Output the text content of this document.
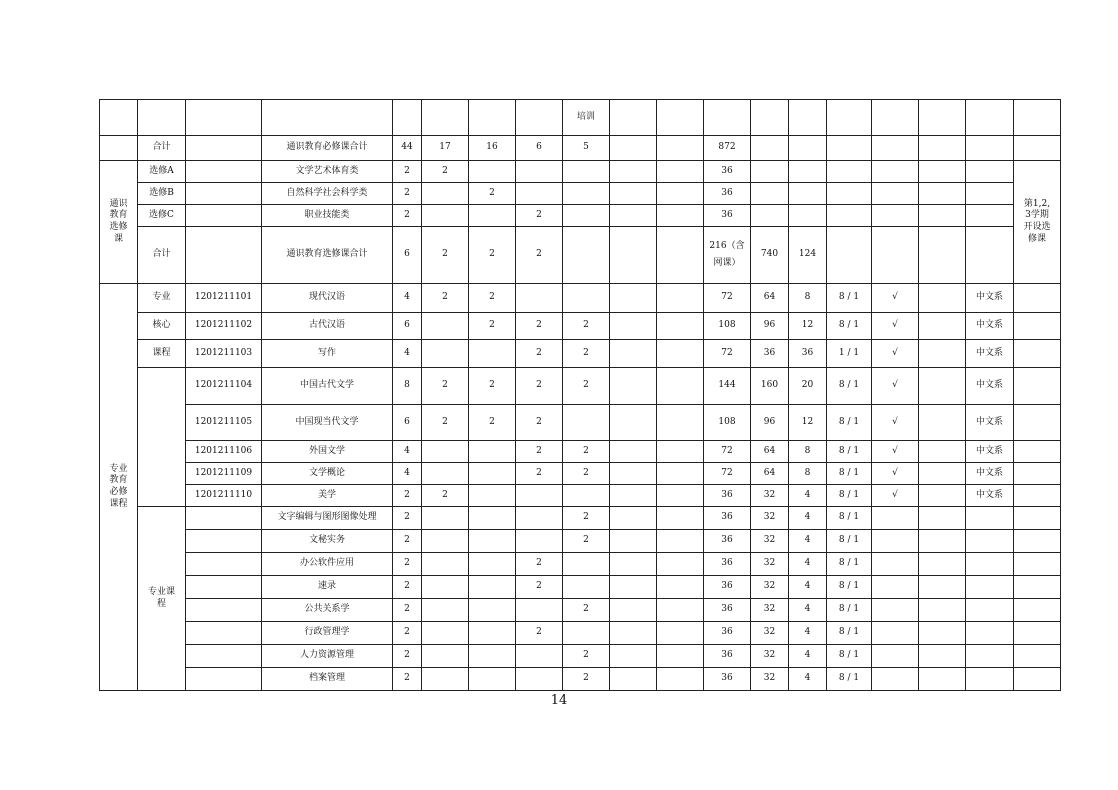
								培训										
	合计		通识教育必修课合计	44	17	16	6	5			872							
通识
教育
选修
课	选修A		文学艺术体育类	2	2						36							第1,2,
3学期
开设选
修课
	选修B		自然科学社会科学类	2		2					36							
	选修C		职业技能类	2			2				36							
	合计		通识教育选修课合计	6	2	2	2				216（含网课）	740	124					
专业
教育
必修
课程	专业	1201211101	现代汉语	4	2	2					72	64	8	8 / 1	√		中文系	
	核心	1201211102	古代汉语	6		2	2	2			108	96	12	8 / 1	√		中文系	
	课程	1201211103	写作	4			2	2			72	36	36	1 / 1	√		中文系	
		1201211104	中国古代文学	8	2	2	2	2			144	160	20	8 / 1	√		中文系	
		1201211105	中国现当代文学	6	2	2	2				108	96	12	8 / 1	√		中文系	
		1201211106	外国文学	4			2	2			72	64	8	8 / 1	√		中文系	
		1201211109	文学概论	4			2	2			72	64	8	8 / 1	√		中文系	
		1201211110	美学	2	2						36	32	4	8 / 1	√		中文系	
	专业课
程		文字编辑与图形图像处理	2				2			36	32	4	8 / 1				
			文秘实务	2				2			36	32	4	8 / 1				
			办公软件应用	2			2				36	32	4	8 / 1				
			速录	2			2				36	32	4	8 / 1				
			公共关系学	2				2			36	32	4	8 / 1				
			行政管理学	2			2				36	32	4	8 / 1				
			人力资源管理	2				2			36	32	4	8 / 1				
			档案管理	2				2			36	32	4	8 / 1				
14
